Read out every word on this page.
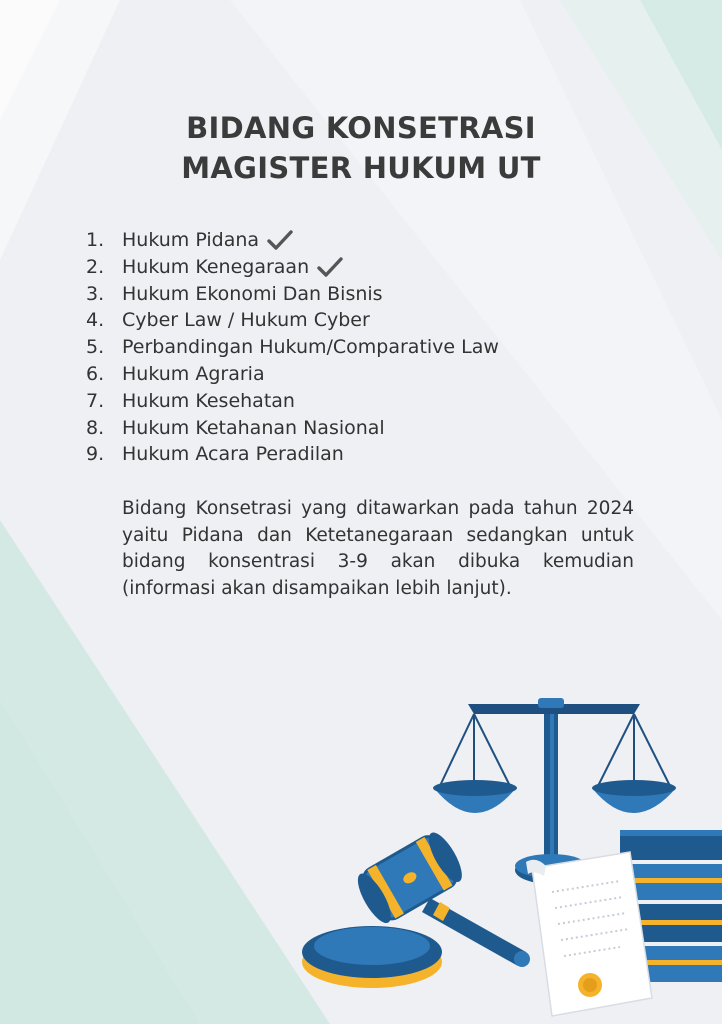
BIDANG KONSETRASI
MAGISTER HUKUM UT
1. Hukum Pidana
2. Hukum Kenegaraan
3. Hukum Ekonomi Dan Bisnis
4. Cyber Law / Hukum Cyber
5. Perbandingan Hukum/Comparative Law
6. Hukum Agraria
7. Hukum Kesehatan
8. Hukum Ketahanan Nasional
9. Hukum Acara Peradilan

Bidang Konsetrasi yang ditawarkan pada tahun 2024 yaitu Pidana dan Ketetanegaraan sedangkan untuk bidang konsentrasi 3-9 akan dibuka kemudian (informasi akan disampaikan lebih lanjut).
